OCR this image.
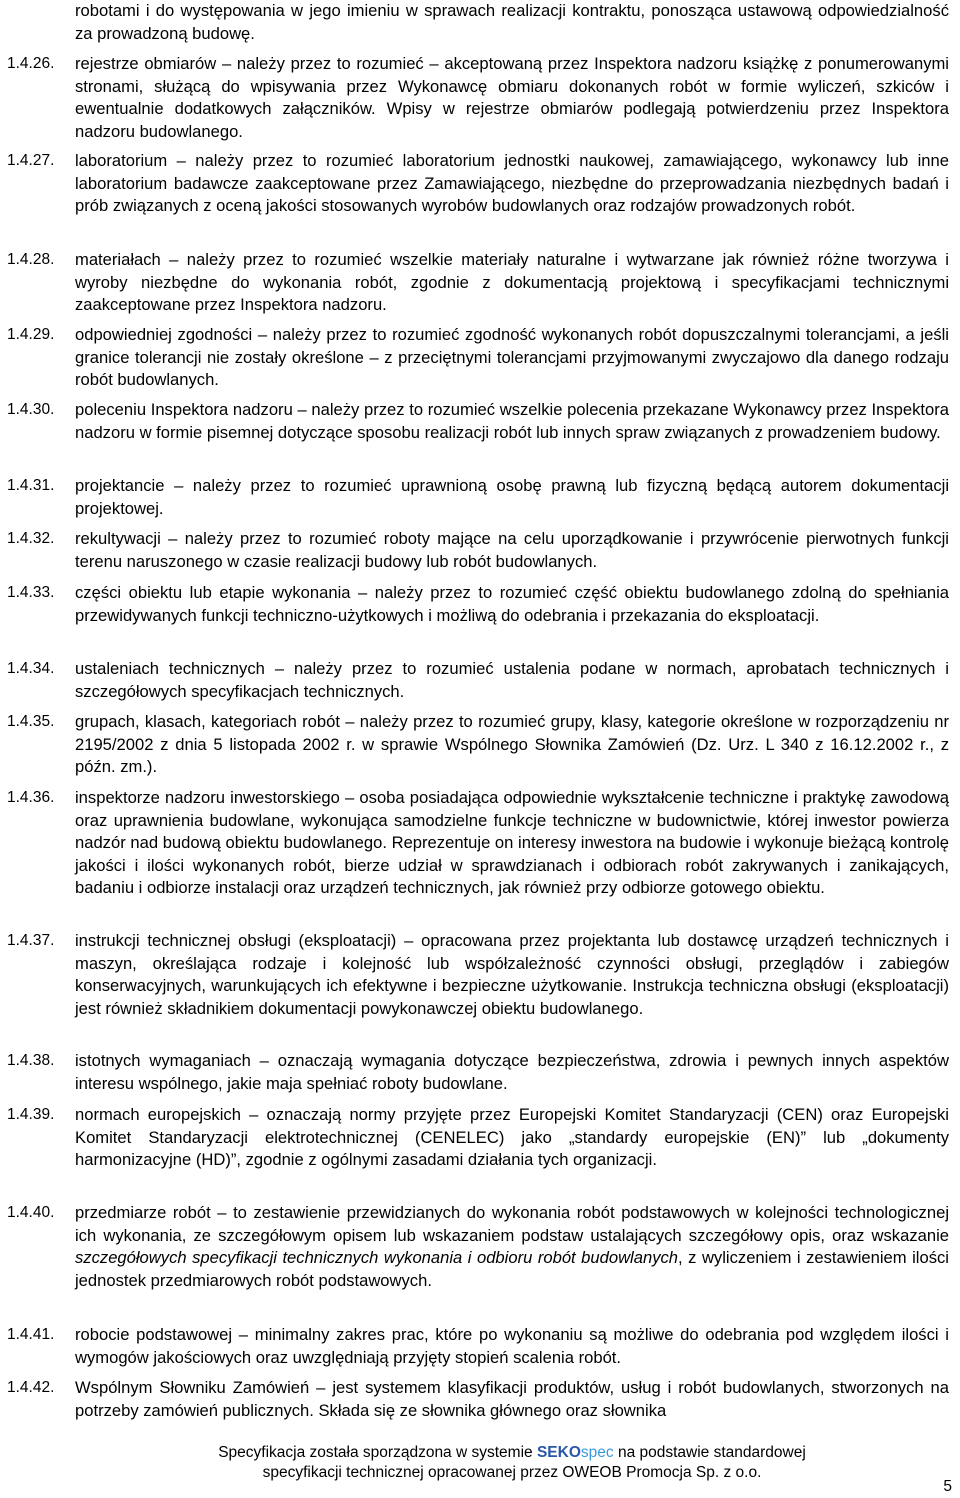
robotami i do występowania w jego imieniu w sprawach realizacji kontraktu, ponosząca ustawową odpowiedzialność za prowadzoną budowę.
1.4.26. rejestrze obmiarów – należy przez to rozumieć – akceptowaną przez Inspektora nadzoru książkę z ponumerowanymi stronami, służącą do wpisywania przez Wykonawcę obmiaru dokonanych robót w formie wyliczeń, szkiców i ewentualnie dodatkowych załączników. Wpisy w rejestrze obmiarów podlegają potwierdzeniu przez Inspektora nadzoru budowlanego.
1.4.27. laboratorium – należy przez to rozumieć laboratorium jednostki naukowej, zamawiającego, wykonawcy lub inne laboratorium badawcze zaakceptowane przez Zamawiającego, niezbędne do przeprowadzania niezbędnych badań i prób związanych z oceną jakości stosowanych wyrobów budowlanych oraz rodzajów prowadzonych robót.
1.4.28. materiałach – należy przez to rozumieć wszelkie materiały naturalne i wytwarzane jak również różne tworzywa i wyroby niezbędne do wykonania robót, zgodnie z dokumentacją projektową i specyfikacjami technicznymi zaakceptowane przez Inspektora nadzoru.
1.4.29. odpowiedniej zgodności – należy przez to rozumieć zgodność wykonanych robót dopuszczalnymi tolerancjami, a jeśli granice tolerancji nie zostały określone – z przeciętnymi tolerancjami przyjmowanymi zwyczajowo dla danego rodzaju robót budowlanych.
1.4.30. poleceniu Inspektora nadzoru – należy przez to rozumieć wszelkie polecenia przekazane Wykonawcy przez Inspektora nadzoru w formie pisemnej dotyczące sposobu realizacji robót lub innych spraw związanych z prowadzeniem budowy.
1.4.31. projektancie – należy przez to rozumieć uprawnioną osobę prawną lub fizyczną będącą autorem dokumentacji projektowej.
1.4.32. rekultywacji – należy przez to rozumieć roboty mające na celu uporządkowanie i przywrócenie pierwotnych funkcji terenu naruszonego w czasie realizacji budowy lub robót budowlanych.
1.4.33. części obiektu lub etapie wykonania – należy przez to rozumieć część obiektu budowlanego zdolną do spełniania przewidywanych funkcji techniczno-użytkowych i możliwą do odebrania i przekazania do eksploatacji.
1.4.34. ustaleniach technicznych – należy przez to rozumieć ustalenia podane w normach, aprobatach technicznych i szczegółowych specyfikacjach technicznych.
1.4.35. grupach, klasach, kategoriach robót – należy przez to rozumieć grupy, klasy, kategorie określone w rozporządzeniu nr 2195/2002 z dnia 5 listopada 2002 r. w sprawie Wspólnego Słownika Zamówień (Dz. Urz. L 340 z 16.12.2002 r., z późn. zm.).
1.4.36. inspektorze nadzoru inwestorskiego – osoba posiadająca odpowiednie wykształcenie techniczne i praktykę zawodową oraz uprawnienia budowlane, wykonująca samodzielne funkcje techniczne w budownictwie, której inwestor powierza nadzór nad budową obiektu budowlanego. Reprezentuje on interesy inwestora na budowie i wykonuje bieżącą kontrolę jakości i ilości wykonanych robót, bierze udział w sprawdzianach i odbiorach robót zakrywanych i zanikających, badaniu i odbiorze instalacji oraz urządzeń technicznych, jak również przy odbiorze gotowego obiektu.
1.4.37. instrukcji technicznej obsługi (eksploatacji) – opracowana przez projektanta lub dostawcę urządzeń technicznych i maszyn, określająca rodzaje i kolejność lub współzależność czynności obsługi, przeglądów i zabiegów konserwacyjnych, warunkujących ich efektywne i bezpieczne użytkowanie. Instrukcja techniczna obsługi (eksploatacji) jest również składnikiem dokumentacji powykonawczej obiektu budowlanego.
1.4.38. istotnych wymaganiach – oznaczają wymagania dotyczące bezpieczeństwa, zdrowia i pewnych innych aspektów interesu wspólnego, jakie maja spełniać roboty budowlane.
1.4.39. normach europejskich – oznaczają normy przyjęte przez Europejski Komitet Standaryzacji (CEN) oraz Europejski Komitet Standaryzacji elektrotechnicznej (CENELEC) jako „standardy europejskie (EN)” lub „dokumenty harmonizacyjne (HD)”, zgodnie z ogólnymi zasadami działania tych organizacji.
1.4.40. przedmiarze robót – to zestawienie przewidzianych do wykonania robót podstawowych w kolejności technologicznej ich wykonania, ze szczegółowym opisem lub wskazaniem podstaw ustalających szczegółowy opis, oraz wskazanie szczegółowych specyfikacji technicznych wykonania i odbioru robót budowlanych, z wyliczeniem i zestawieniem ilości jednostek przedmiarowych robót podstawowych.
1.4.41. robocie podstawowej – minimalny zakres prac, które po wykonaniu są możliwe do odebrania pod względem ilości i wymogów jakościowych oraz uwzględniają przyjęty stopień scalenia robót.
1.4.42. Wspólnym Słowniku Zamówień – jest systemem klasyfikacji produktów, usług i robót budowlanych, stworzonych na potrzeby zamówień publicznych. Składa się ze słownika głównego oraz słownika
Specyfikacja została sporządzona w systemie SEKOspec na podstawie standardowej
specyfikacji technicznej opracowanej przez OWEOB Promocja Sp. z o.o.
5
